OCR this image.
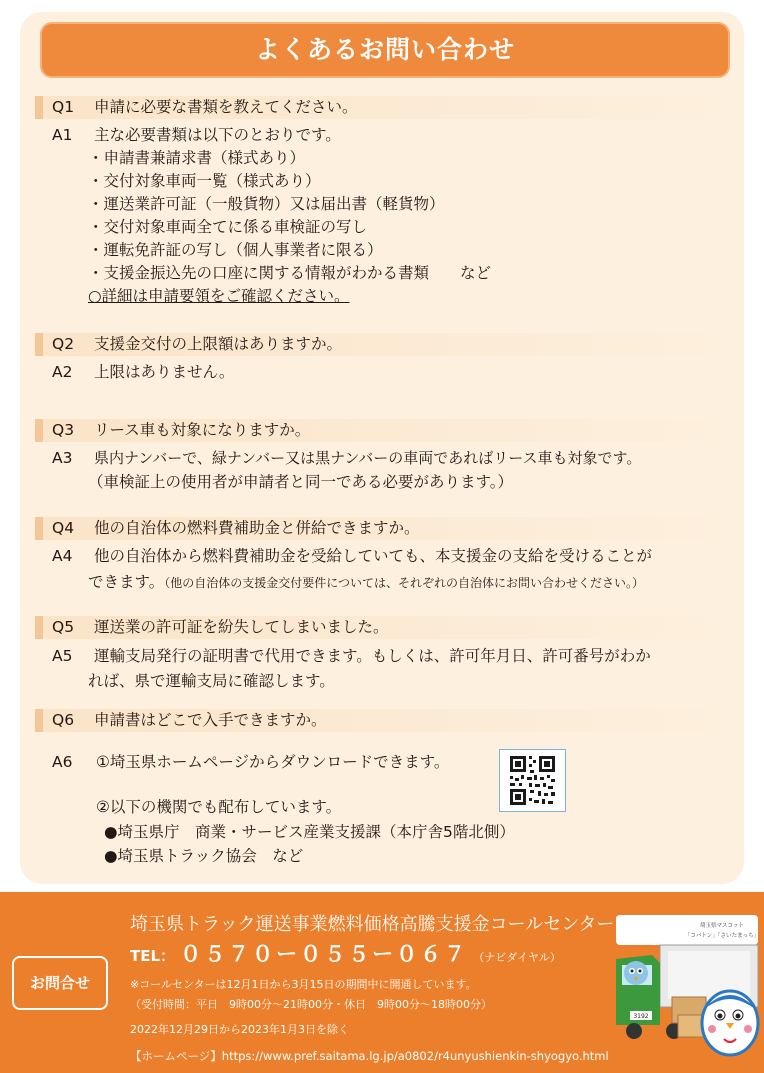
よくあるお問い合わせ
Q1	申請に必要な書類を教えてください。
A1	主な必要書類は以下のとおりです。
・申請書兼請求書（様式あり）
・交付対象車両一覧（様式あり）
・運送業許可証（一般貨物）又は届出書（軽貨物）
・交付対象車両全てに係る車検証の写し
・運転免許証の写し（個人事業者に限る）
・支援金振込先の口座に関する情報がわかる書類　　など
○詳細は申請要領をご確認ください。
Q2	支援金交付の上限額はありますか。
A2	上限はありません。
Q3	リース車も対象になりますか。
A3	県内ナンバーで、緑ナンバー又は黒ナンバーの車両であればリース車も対象です。
（車検証上の使用者が申請者と同一である必要があります。）
Q4	他の自治体の燃料費補助金と併給できますか。
A4	他の自治体から燃料費補助金を受給していても、本支援金の支給を受けることが
できます。（他の自治体の支援金交付要件については、それぞれの自治体にお問い合わせください。）
Q5	運送業の許可証を紛失してしまいました。
A5	運輸支局発行の証明書で代用できます。もしくは、許可年月日、許可番号がわか
れば、県で運輸支局に確認します。
Q6	申請書はどこで入手できますか。
A6	①埼玉県ホームページからダウンロードできます。
②以下の機関でも配布しています。
●埼玉県庁　商業・サービス産業支援課（本庁舎5階北側）
●埼玉県トラック協会　など
お問合せ
埼玉県トラック運送事業燃料価格高騰支援金コールセンター
TEL： ０５７０ー０５５ー０６７ （ナビダイヤル）
※コールセンターは12月1日から3月15日の期間中に開通しています。
（受付時間：平日　9時00分～21時00分・休日　9時00分～18時00分）
2022年12月29日から2023年1月3日を除く
【ホームページ】https://www.pref.saitama.lg.jp/a0802/r4unyushienkin-shyogyo.html
埼玉県マスコット
「コバトン」「さいたまっち」
3192
